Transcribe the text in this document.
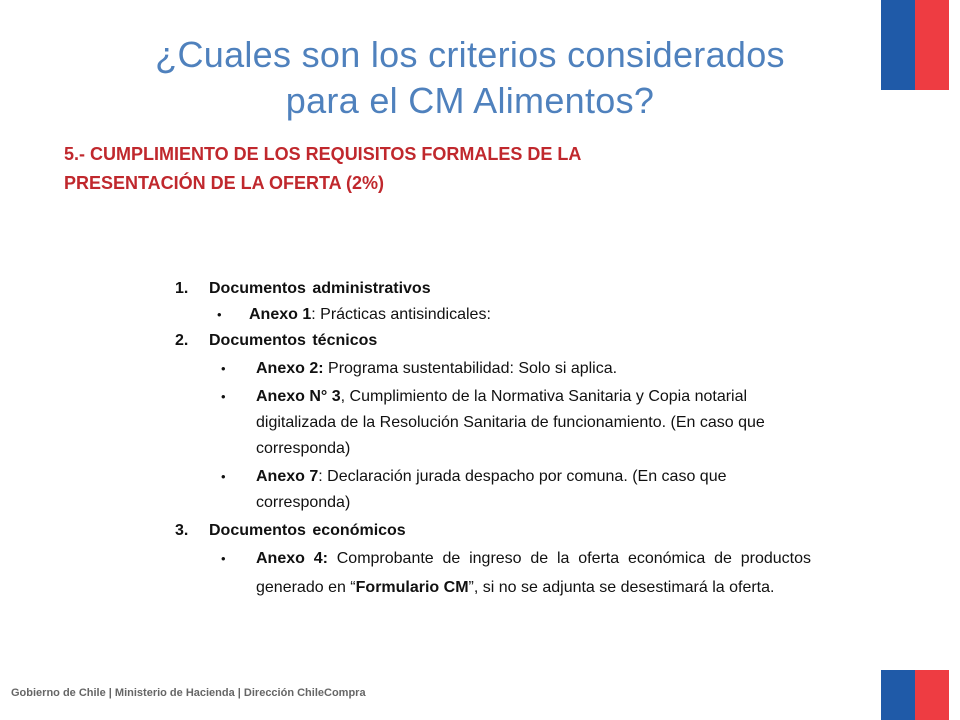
¿Cuales son los criterios considerados
para el CM Alimentos?
5.- CUMPLIMIENTO DE LOS REQUISITOS FORMALES DE LA
PRESENTACIÓN DE LA OFERTA (2%)
1. Documentos administrativos
• Anexo 1: Prácticas antisindicales:
2. Documentos técnicos
• Anexo 2: Programa sustentabilidad: Solo si aplica.
• Anexo N° 3, Cumplimiento de la Normativa Sanitaria y Copia notarial digitalizada de la Resolución Sanitaria de funcionamiento. (En caso que corresponda)
• Anexo 7: Declaración jurada despacho por comuna. (En caso que corresponda)
3. Documentos económicos
• Anexo 4: Comprobante de ingreso de la oferta económica de productos generado en “Formulario CM”, si no se adjunta se desestimará la oferta.
Gobierno de Chile | Ministerio de Hacienda | Dirección ChileCompra
